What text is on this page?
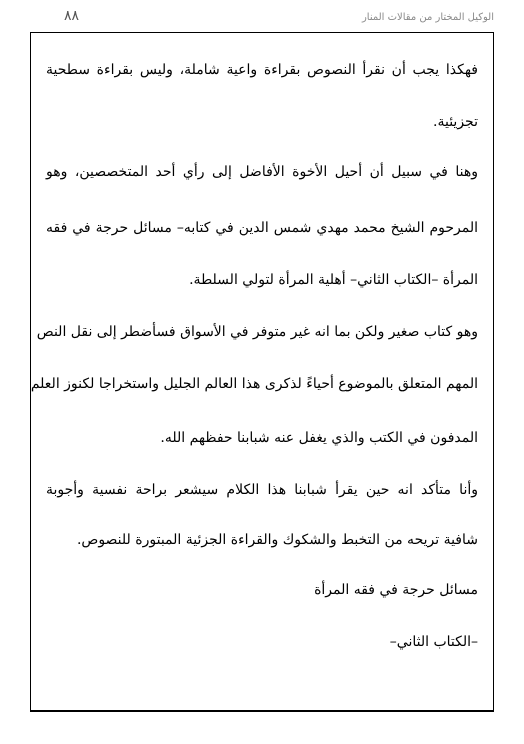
الوكيل المختار من مقالات المنار
٨٨
فهكذا يجب أن نقرأ النصوص بقراءة واعية شاملة، وليس بقراءة سطحية
تجزيئية.
وهنا في سبيل أن أحيل الأخوة الأفاضل إلى رأي أحد المتخصصين، وهو
المرحوم الشيخ محمد مهدي شمس الدين في كتابه– مسائل حرجة في فقه
المرأة –الكتاب الثاني– أهلية المرأة لتولي السلطة.
وهو كتاب صغير ولكن بما انه غير متوفر في الأسواق فسأضطر إلى نقل النص
المهم المتعلق بالموضوع أحياءً لذكرى هذا العالم الجليل واستخراجا لكنوز العلم
المدفون في الكتب والذي يغفل عنه شبابنا حفظهم الله.
وأنا متأكد انه حين يقرأ شبابنا هذا الكلام سيشعر براحة نفسية وأجوبة
شافية تريحه من التخبط والشكوك والقراءة الجزئية المبتورة للنصوص.
مسائل حرجة في فقه المرأة
–الكتاب الثاني–
